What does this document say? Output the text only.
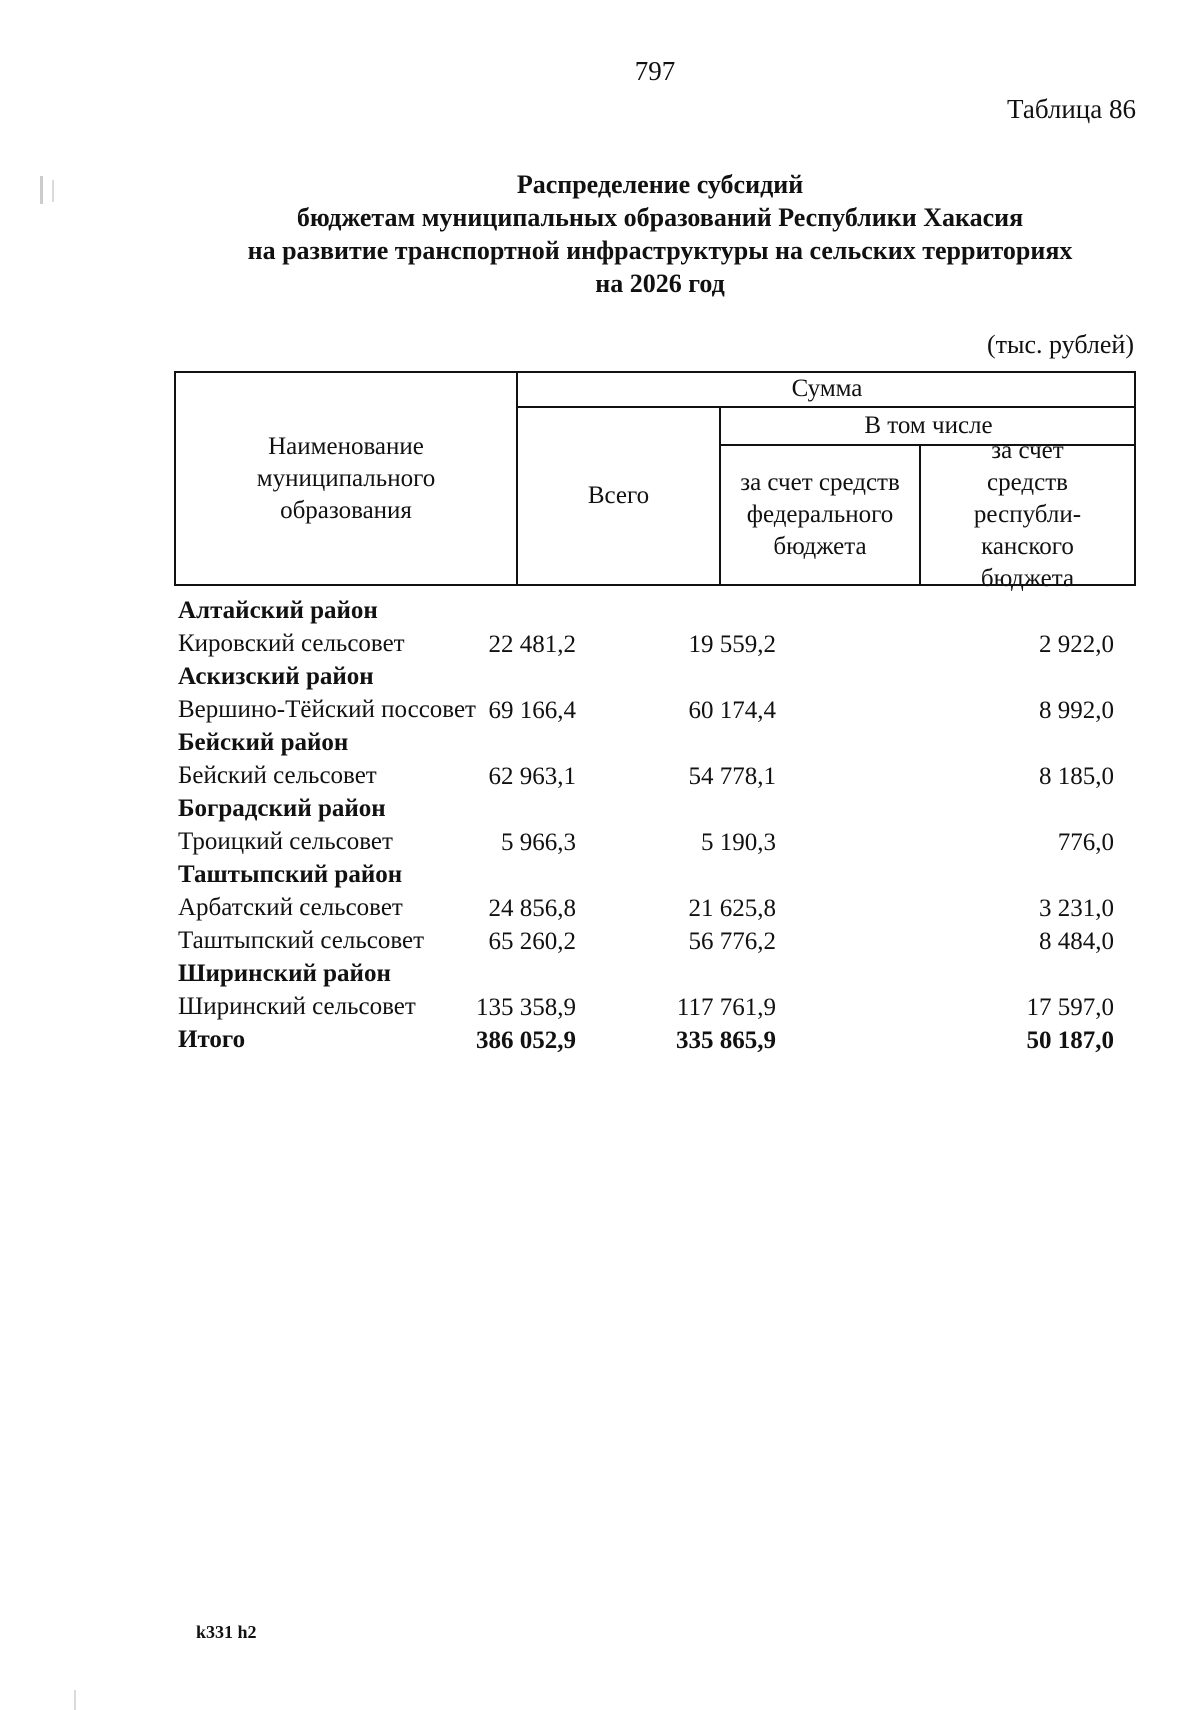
797
Таблица 86
Распределение субсидий
бюджетам муниципальных образований Республики Хакасия
на развитие транспортной инфраструктуры на сельских территориях
на 2026 год
(тыс. рублей)
Наименование муниципального образования
Сумма
В том числе
Всего	за счет средств федерального бюджета
за счет средств республи-канского бюджета
Алтайский район
Кировский сельсовет	22 481,2	19 559,2	2 922,0
Аскизский район
Вершино-Тёйский поссовет 69 166,4	60 174,4	8 992,0
Бейский район
Бейский сельсовет	62 963,1	54 778,1	8 185,0
Боградский район
Троицкий сельсовет	5 966,3	5 190,3	776,0
Таштыпский район
Арбатский сельсовет	24 856,8	21 625,8	3 231,0
Таштыпский сельсовет	65 260,2	56 776,2	8 484,0
Ширинский район
Ширинский сельсовет 135 358,9	117 761,9	17 597,0
Итого	386 052,9	335 865,9	50 187,0
k331 h2
